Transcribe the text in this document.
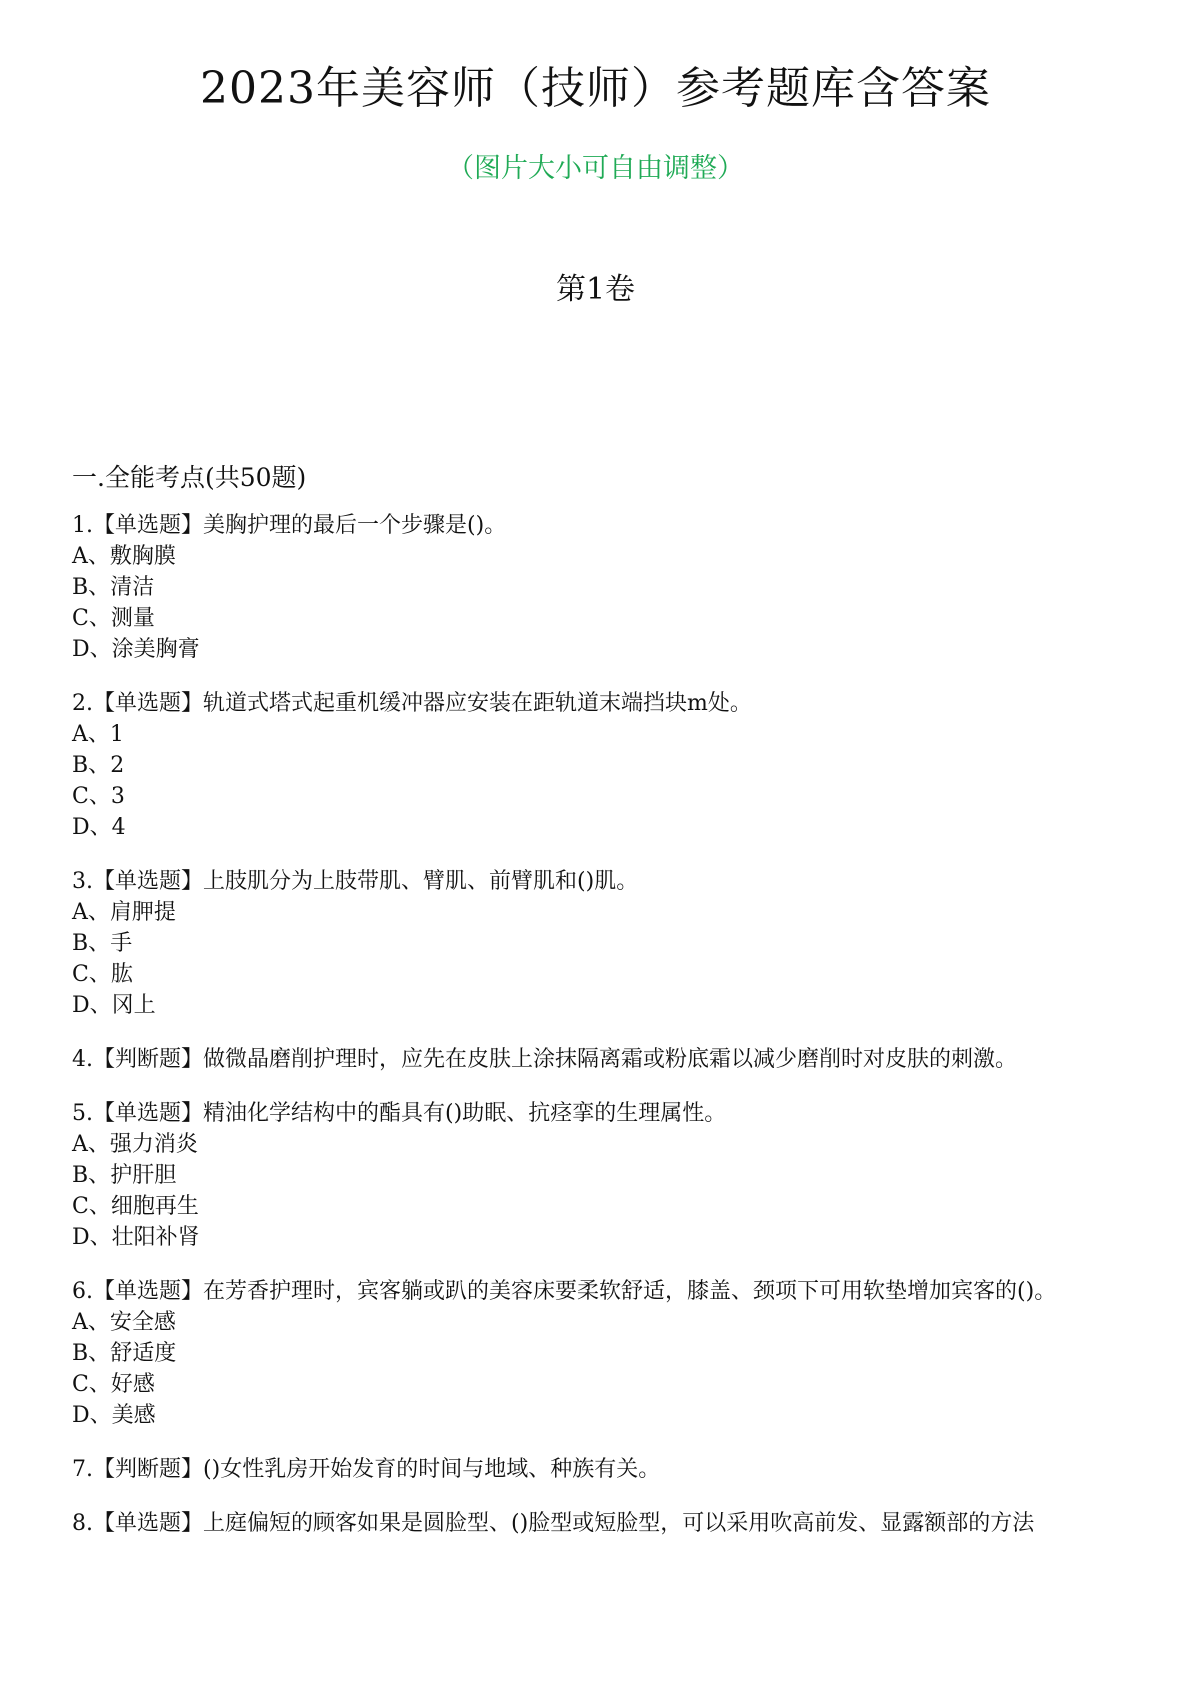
2023年美容师（技师）参考题库含答案
（图片大小可自由调整）
第1卷
一.全能考点(共50题)
1 . 【 单选题 】 美胸护理的最后一个步骤是()。
A 、 敷胸膜
B 、 清洁
C 、 测量
D 、 涂美胸膏
2 . 【 单选题 】 轨道式塔式起重机缓冲器应安装在距轨道末端挡块m处。
A 、 1
B 、 2
C 、 3
D 、 4
3 . 【 单选题 】 上肢肌分为上肢带肌、臂肌、前臂肌和()肌。
A 、 肩胛提
B 、 手
C 、 肱
D 、 冈上
4 . 【 判断题 】 做微晶磨削护理时，应先在皮肤上涂抹隔离霜或粉底霜以减少磨削时对皮肤的刺激。
5 . 【 单选题 】 精油化学结构中的酯具有()助眠、抗痉挛的生理属性。
A 、 强力消炎
B 、 护肝胆
C 、 细胞再生
D 、 壮阳补肾
6 . 【 单选题 】 在芳香护理时，宾客躺或趴的美容床要柔软舒适，膝盖、颈项下可用软垫增加宾客的()。
A 、 安全感
B 、 舒适度
C 、 好感
D 、 美感
7 . 【 判断题 】 ()女性乳房开始发育的时间与地域、种族有关。
8 . 【 单选题 】 上庭偏短的顾客如果是圆脸型、()脸型或短脸型，可以采用吹高前发、显露额部的方法
